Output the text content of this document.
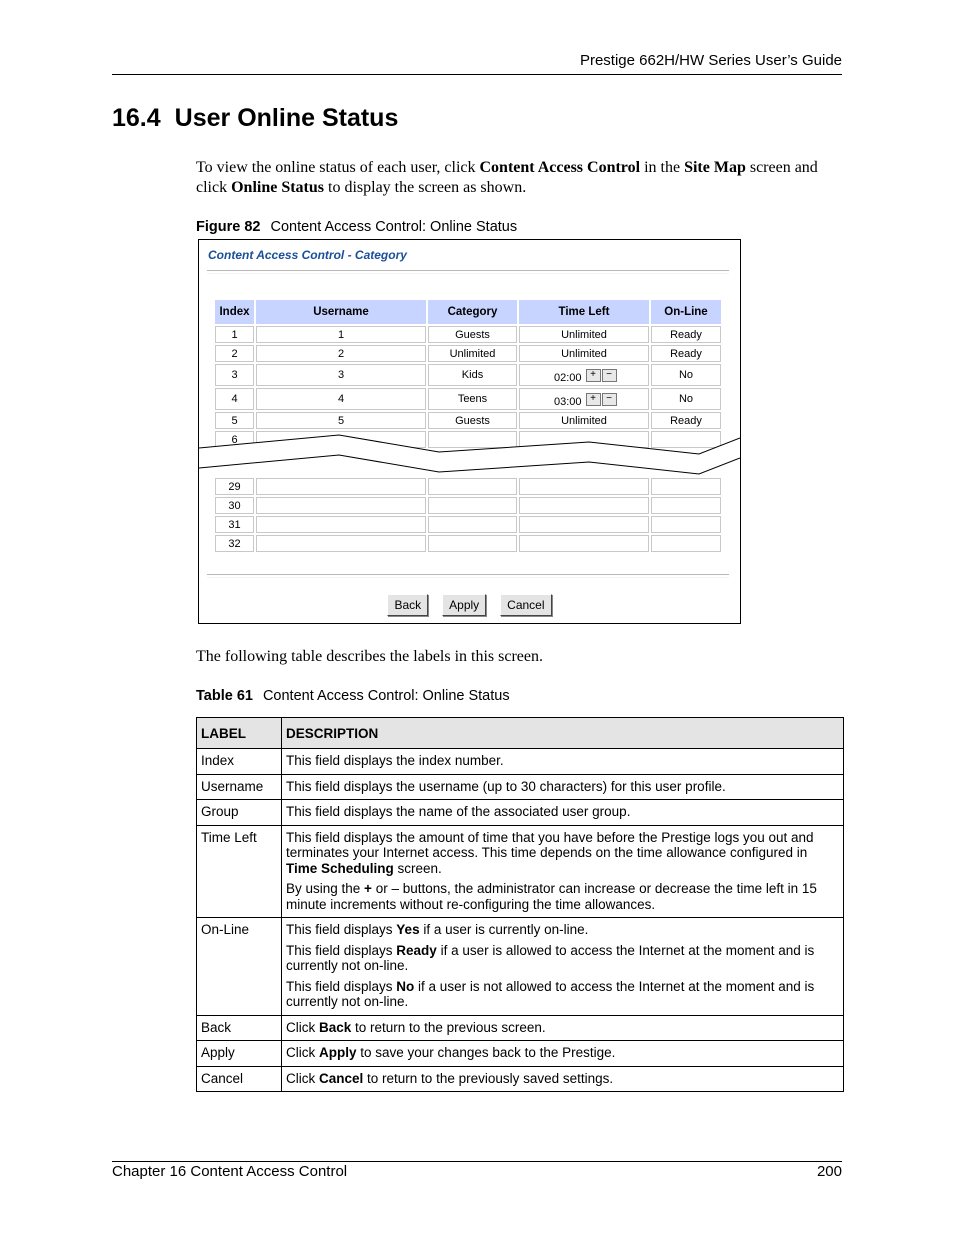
Prestige 662H/HW Series User’s Guide
16.4 User Online Status
To view the online status of each user, click Content Access Control in the Site Map screen and click Online Status to display the screen as shown.
Figure 82 Content Access Control: Online Status
Content Access Control - Category
Index	Username	Category	Time Left	On-Line
1	1	Guests	Unlimited	Ready
2	2	Unlimited	Unlimited	Ready
3	3	Kids	02:00 + −	No
4	4	Teens	03:00 + −	No
5	5	Guests	Unlimited	Ready
6				

29				
30				
31				
32				
Back Apply Cancel
The following table describes the labels in this screen.
Table 61 Content Access Control: Online Status
LABEL	DESCRIPTION
Index	This field displays the index number.
Username	This field displays the username (up to 30 characters) for this user profile.
Group	This field displays the name of the associated user group.
Time Left	This field displays the amount of time that you have before the Prestige logs you out and terminates your Internet access. This time depends on the time allowance configured in Time Scheduling screen.

By using the + or – buttons, the administrator can increase or decrease the time left in 15 minute increments without re-configuring the time allowances.

On-Line	This field displays Yes if a user is currently on-line.

This field displays Ready if a user is allowed to access the Internet at the moment and is currently not on-line.

This field displays No if a user is not allowed to access the Internet at the moment and is currently not on-line.

Back	Click Back to return to the previous screen.
Apply	Click Apply to save your changes back to the Prestige.
Cancel	Click Cancel to return to the previously saved settings.
Chapter 16 Content Access Control	200
